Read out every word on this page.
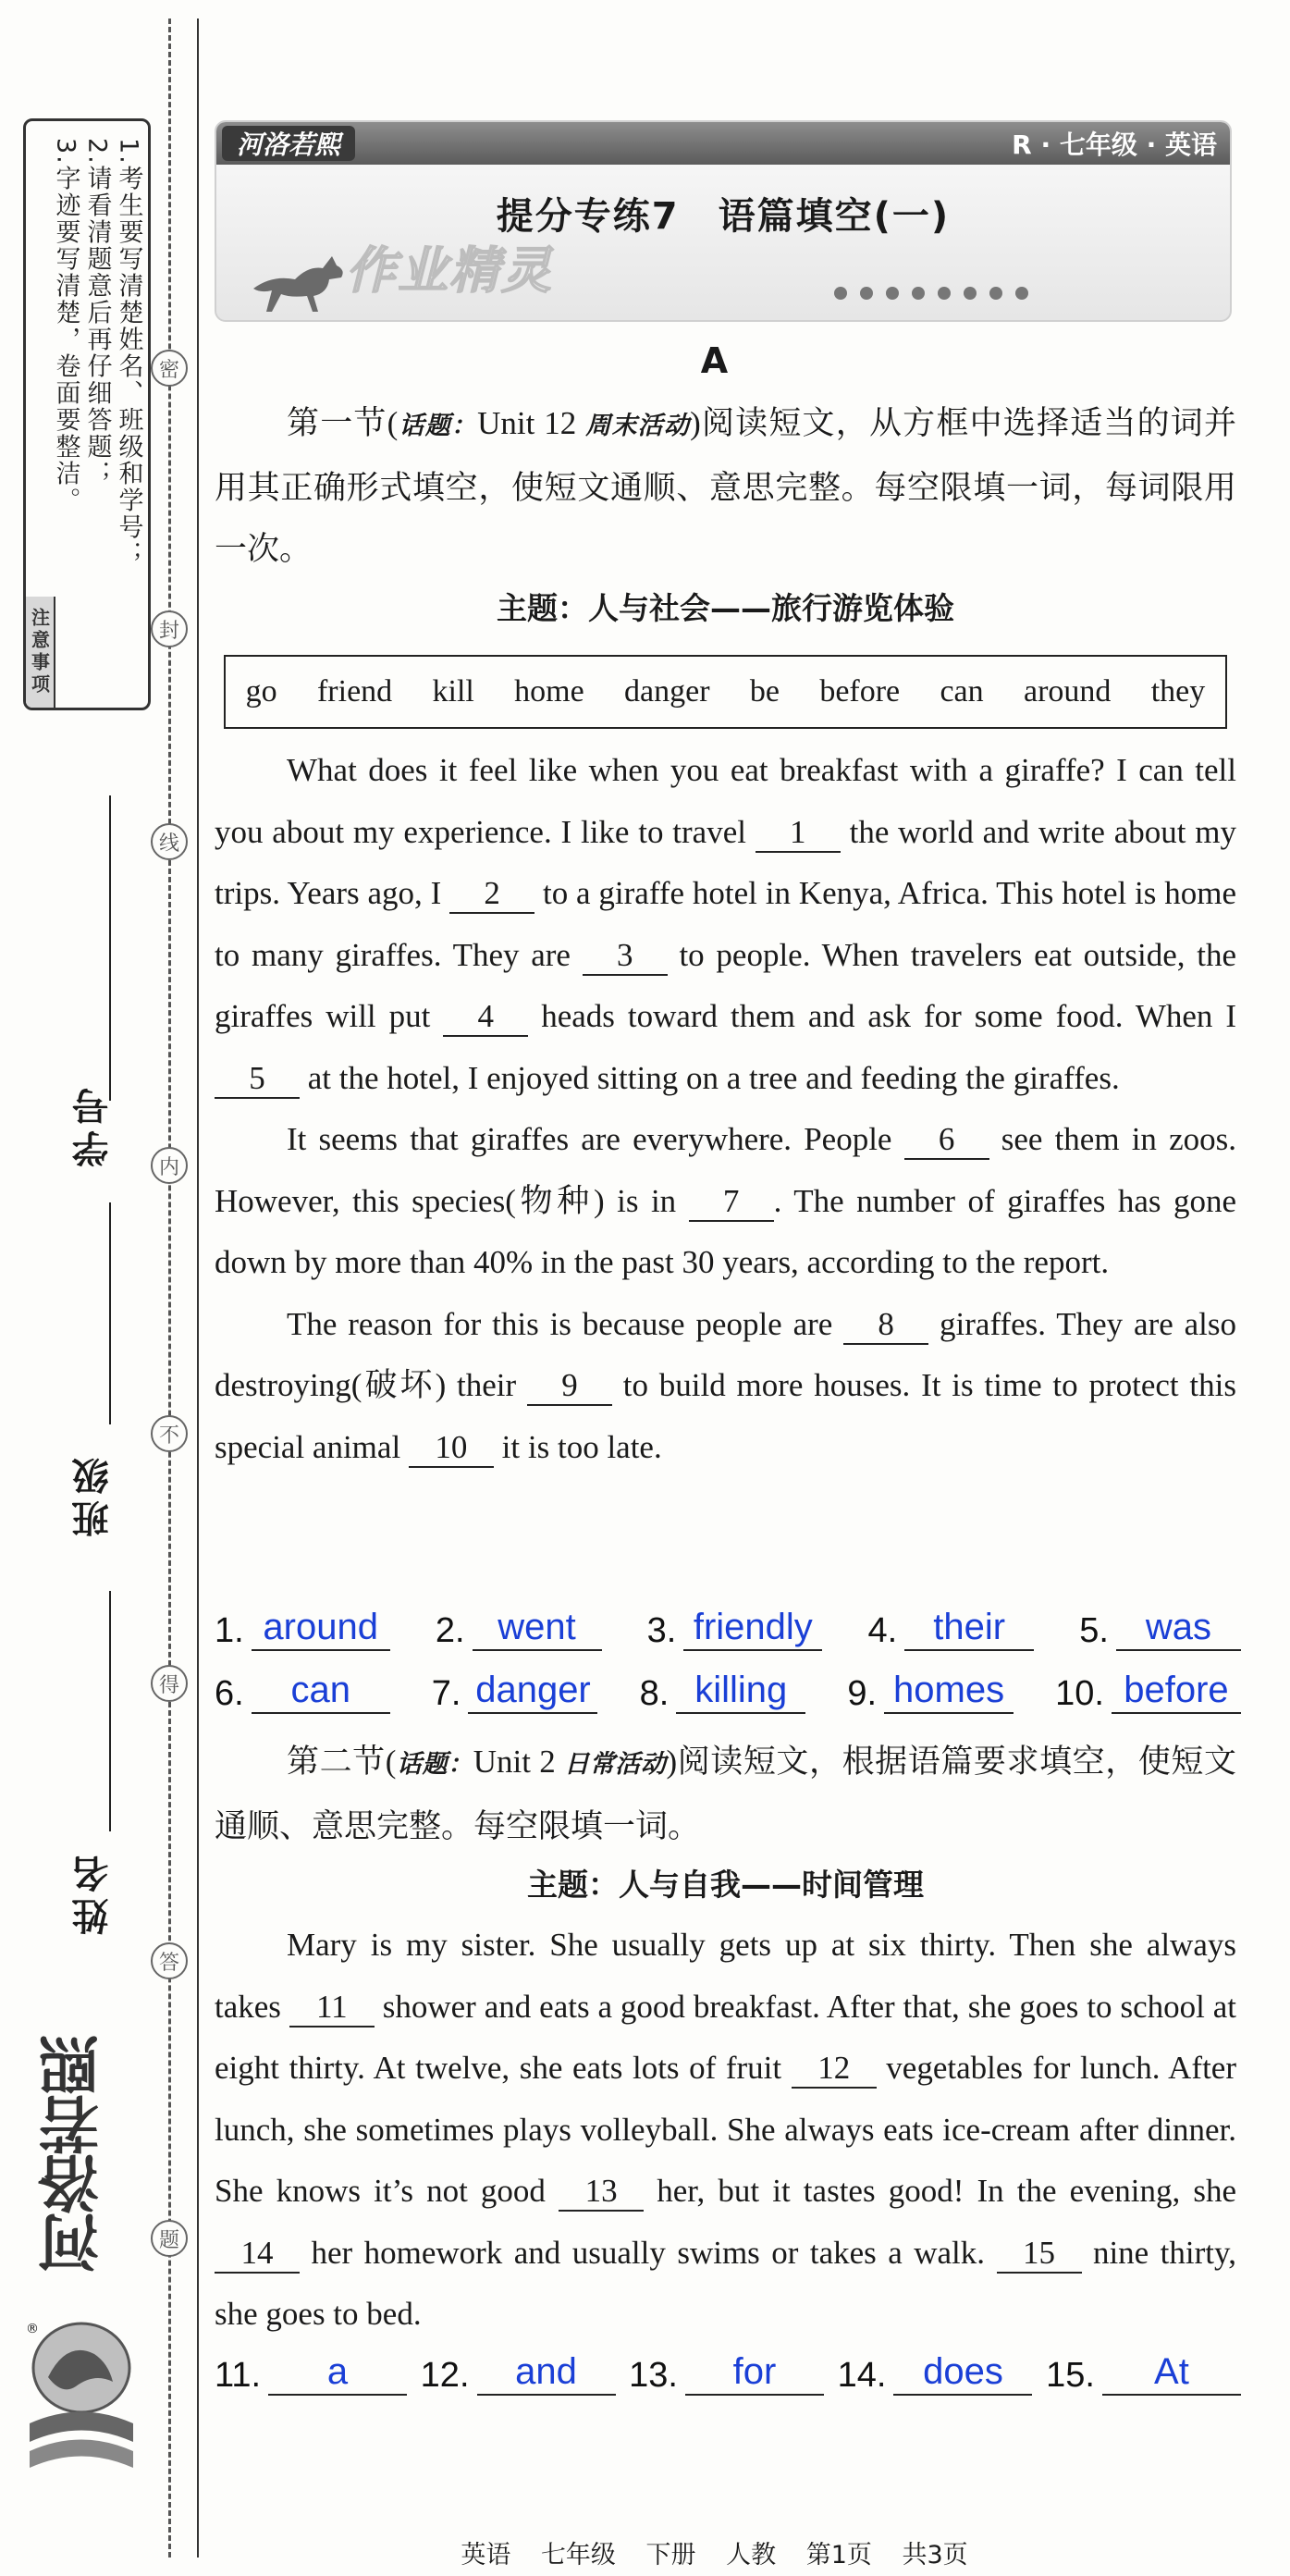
1.考生要写清楚姓名、班级和学号；
2.请看清题意后再仔细答题；
3.字迹要写清楚，卷面要整洁。
注意事项
密
封
线
内
不
得
答
题
学号
班级
姓名
河洛若熙
®
河洛若熙	R · 七年级 · 英语
提分专练7　语篇填空(一)
作业精灵
A

第一节(话题：Unit 12 周末活动)阅读短文，从方框中选择适当的词并用其正确形式填空，使短文通顺、意思完整。每空限填一词，每词限用一次。

主题：人与社会——旅行游览体验
go friend kill home danger be before can around they

What does it feel like when you eat breakfast with a giraffe? I can tell you about my experience. I like to travel 1 the world and write about my trips. Years ago, I 2 to a giraffe hotel in Kenya, Africa. This hotel is home to many giraffes. They are 3 to people. When travelers eat outside, the giraffes will put 4 heads toward them and ask for some food. When I 5 at the hotel, I enjoyed sitting on a tree and feeding the giraffes.

It seems that giraffes are everywhere. People 6 see them in zoos. However, this species(物种) is in 7 . The number of giraffes has gone down by more than 40% in the past 30 years, according to the report.

The reason for this is because people are 8 giraffes. They are also destroying(破坏) their 9 to build more houses. It is time to protect this special animal 10 it is too late.

1. around	2. went	3. friendly 4. their	5. was
6.	can	7. danger 8. killing	9. homes 10. before

第二节(话题：Unit 2 日常活动)阅读短文，根据语篇要求填空，使短文通顺、意思完整。每空限填一词。

主题：人与自我——时间管理

Mary is my sister. She usually gets up at six thirty. Then she always takes 11 shower and eats a good breakfast. After that, she goes to school at eight thirty. At twelve, she eats lots of fruit 12 vegetables for lunch. After lunch, she sometimes plays volleyball. She always eats ice-cream after dinner. She knows it’s not good 13 her, but it tastes good! In the evening, she 14 her homework and usually swims or takes a walk. 15 nine thirty, she goes to bed.

11.	a	12.	and	13.	for	14. does	15.	At
英语 七年级 下册 人教 第1页 共3页
